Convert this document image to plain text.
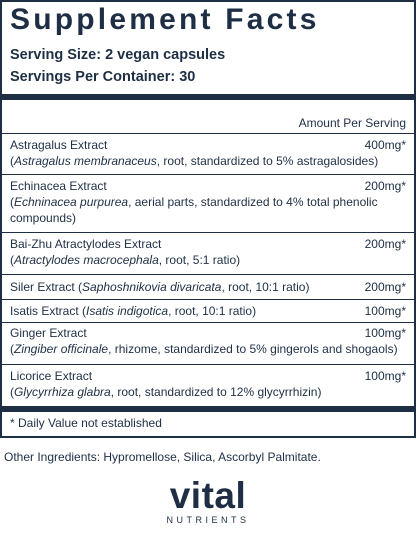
Supplement Facts
Serving Size: 2 vegan capsules
Servings Per Container: 30
Amount Per Serving
Astragalus Extract	400mg*
(Astragalus membranaceus, root, standardized to 5% astragalosides)
Echinacea Extract	200mg*
(Echninacea purpurea, aerial parts, standardized to 4% total phenolic compounds)
Bai-Zhu Atractylodes Extract	200mg*
(Atractylodes macrocephala, root, 5:1 ratio)
Siler Extract (Saphoshnikovia divaricata, root, 10:1 ratio)	200mg*
Isatis Extract (Isatis indigotica, root, 10:1 ratio)	100mg*
Ginger Extract	100mg*
(Zingiber officinale, rhizome, standardized to 5% gingerols and shogaols)
Licorice Extract	100mg*
(Glycyrrhiza glabra, root, standardized to 12% glycyrrhizin)
* Daily Value not established
Other Ingredients: Hypromellose, Silica, Ascorbyl Palmitate.
vital
NUTRIENTS
